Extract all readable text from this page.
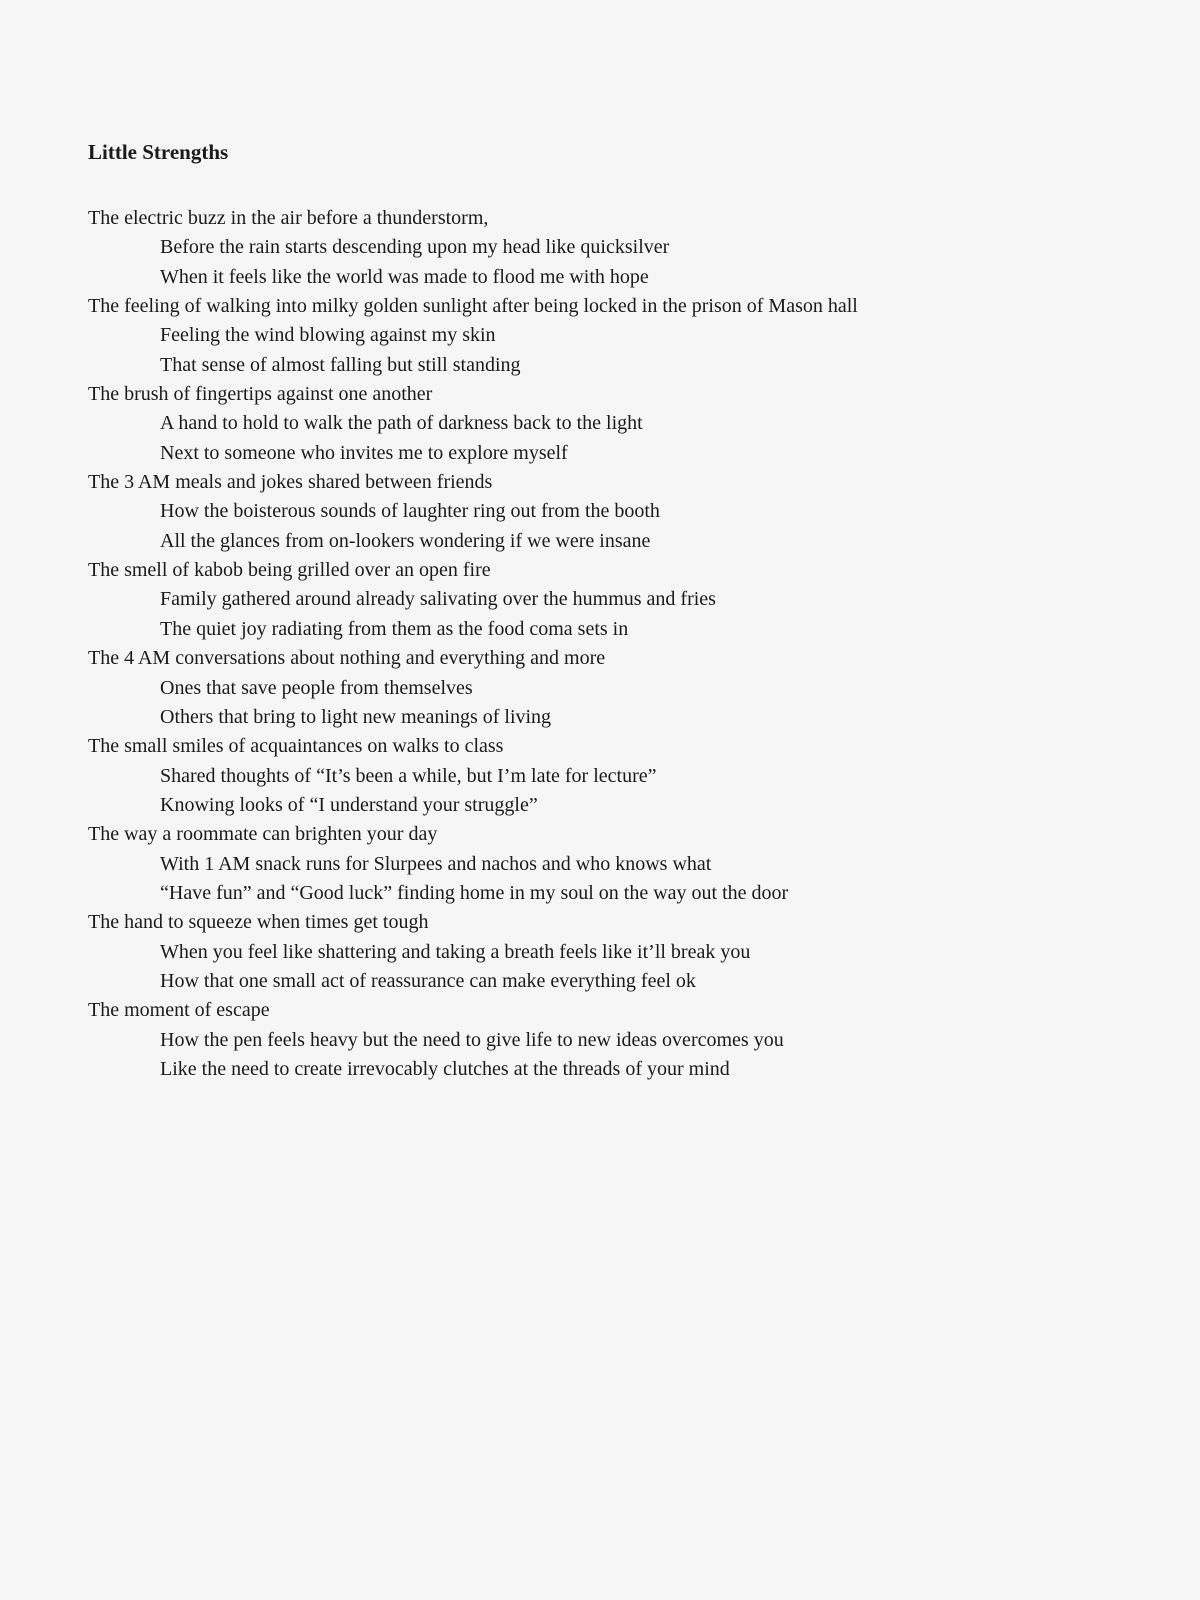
Little Strengths
The electric buzz in the air before a thunderstorm,
Before the rain starts descending upon my head like quicksilver
When it feels like the world was made to flood me with hope
The feeling of walking into milky golden sunlight after being locked in the prison of Mason hall
Feeling the wind blowing against my skin
That sense of almost falling but still standing
The brush of fingertips against one another
A hand to hold to walk the path of darkness back to the light
Next to someone who invites me to explore myself
The 3 AM meals and jokes shared between friends
How the boisterous sounds of laughter ring out from the booth
All the glances from on-lookers wondering if we were insane
The smell of kabob being grilled over an open fire
Family gathered around already salivating over the hummus and fries
The quiet joy radiating from them as the food coma sets in
The 4 AM conversations about nothing and everything and more
Ones that save people from themselves
Others that bring to light new meanings of living
The small smiles of acquaintances on walks to class
Shared thoughts of “It’s been a while, but I’m late for lecture”
Knowing looks of “I understand your struggle”
The way a roommate can brighten your day
With 1 AM snack runs for Slurpees and nachos and who knows what
“Have fun” and “Good luck” finding home in my soul on the way out the door
The hand to squeeze when times get tough
When you feel like shattering and taking a breath feels like it’ll break you
How that one small act of reassurance can make everything feel ok
The moment of escape
How the pen feels heavy but the need to give life to new ideas overcomes you
Like the need to create irrevocably clutches at the threads of your mind
